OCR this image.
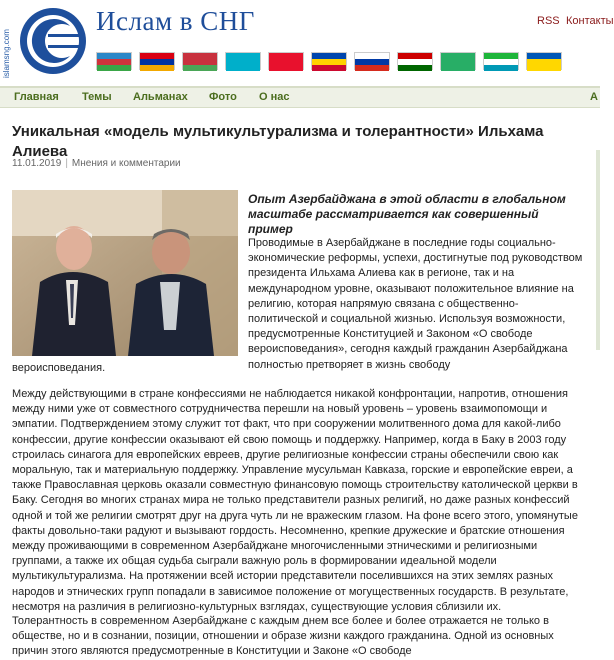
islamsng.com
Ислам в СНГ	RSS Контакты
Главная Темы Альманах Фото О нас	А
Уникальная «модель мультикультурализма и толерантности» Ильхама Алиева
11.01.2019 | Мнения и комментарии
Опыт Азербайджана в этой области в глобальном масштабе рассматривается как совершенный пример

Проводимые в Азербайджане в последние годы социально-экономические реформы, успехи, достигнутые под руководством президента Ильхама Алиева как в регионе, так и на международном уровне, оказывают положительное влияние на религию, которая напрямую связана с общественно-политической и социальной жизнью. Используя возможности, предусмотренные Конституцией и Законом «О свободе вероисповедания», сегодня каждый гражданин Азербайджана полностью претворяет в жизнь свободу

вероисповедания.

Между действующими в стране конфессиями не наблюдается никакой конфронтации, напротив, отношения между ними уже от совместного сотрудничества перешли на новый уровень – уровень взаимопомощи и эмпатии. Подтверждением этому служит тот факт, что при сооружении молитвенного дома для какой-либо конфессии, другие конфессии оказывают ей свою помощь и поддержку. Например, когда в Баку в 2003 году строилась синагога для европейских евреев, другие религиозные конфессии страны обеспечили свою как моральную, так и материальную поддержку. Управление мусульман Кавказа, горские и европейские евреи, а также Православная церковь оказали совместную финансовую помощь строительству католической церкви в Баку. Сегодня во многих странах мира не только представители разных религий, но даже разных конфессий одной и той же религии смотрят друг на друга чуть ли не вражеским глазом. На фоне всего этого, упомянутые факты довольно-таки радуют и вызывают гордость. Несомненно, крепкие дружеские и братские отношения между проживающими в современном Азербайджане многочисленными этническими и религиозными группами, а также их общая судьба сыграли важную роль в формировании идеальной модели мультикультурализма. На протяжении всей истории представители поселившихся на этих землях разных народов и этнических групп попадали в зависимое положение от могущественных государств. В результате, несмотря на различия в религиозно-культурных взглядах, существующие условия сблизили их.

Толерантность в современном Азербайджане с каждым днем все более и более отражается не только в обществе, но и в сознании, позиции, отношении и образе жизни каждого гражданина. Одной из основных причин этого являются предусмотренные в Конституции и Законе «О свободе
